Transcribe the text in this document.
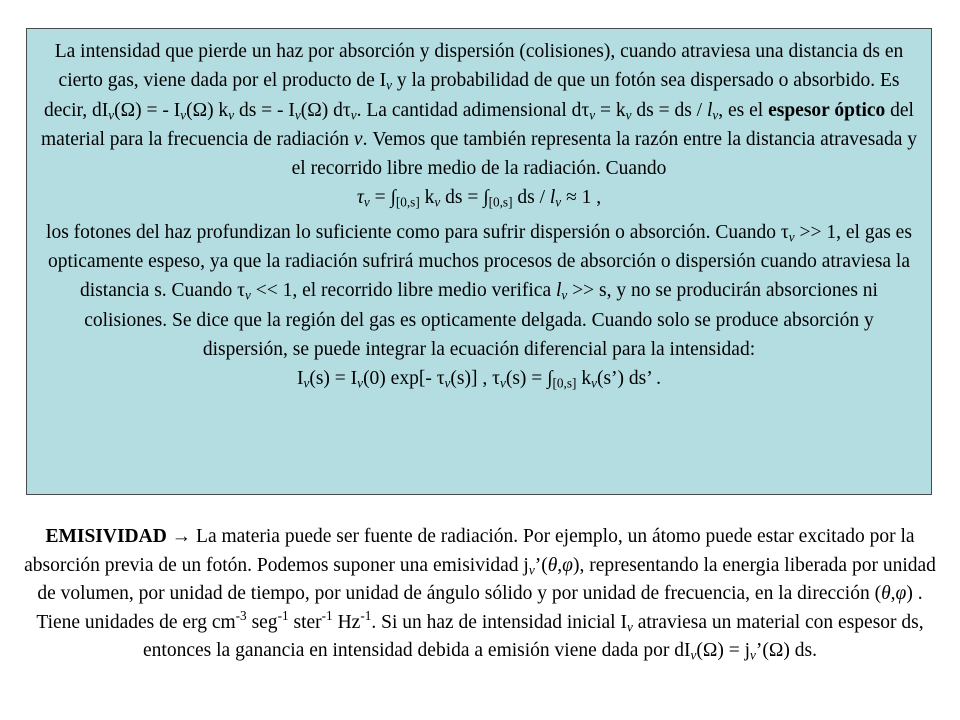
La intensidad que pierde un haz por absorción y dispersión (colisiones), cuando atraviesa una distancia ds en cierto gas, viene dada por el producto de $I_\nu$ y la probabilidad de que un fotón sea dispersado o absorbido. Es decir, $dI_\nu(\Omega)$ = - $I_\nu(\Omega)$ $k_\nu$ ds = - $I_\nu(\Omega)$ $d\tau_\nu$. La cantidad adimensional $d\tau_\nu = k_\nu$ ds = ds / $l_\nu$, es el espesor óptico del material para la frecuencia de radiación ν. Vemos que también representa la razón entre la distancia atravesada y el recorrido libre medio de la radiación. Cuando

$\tau_\nu = \int_{[0,s]}$ $k_\nu$ ds = $\int_{[0,s]}$ ds / $l_\nu \approx 1$ ,

los fotones del haz profundizan lo suficiente como para sufrir dispersión o absorción. Cuando $\tau_\nu >> 1$, el gas es opticamente espeso, ya que la radiación sufrirá muchos procesos de absorción o dispersión cuando atraviesa la distancia s. Cuando $\tau_\nu << 1$, el recorrido libre medio verifica $l_\nu >> s$, y no se producirán absorciones ni colisiones. Se dice que la región del gas es opticamente delgada. Cuando solo se produce absorción y dispersión, se puede integrar la ecuación diferencial para la intensidad:

$I_\nu(s) = I_\nu(0)$ exp[- $\tau_\nu(s)$] , $\tau_\nu(s) = \int_{[0,s]}$ $k_\nu(s’)$ ds’ .

EMISIVIDAD → La materia puede ser fuente de radiación. Por ejemplo, un átomo puede estar excitado por la absorción previa de un fotón. Podemos suponer una emisividad $j_\nu’(\theta,\varphi)$, representando la energia liberada por unidad de volumen, por unidad de tiempo, por unidad de ángulo sólido y por unidad de frecuencia, en la dirección (θ,φ) . Tiene unidades de erg $cm^{-3}$ seg$^{-1}$ ster$^{-1}$ $Hz^{-1}$. Si un haz de intensidad inicial $I_\nu$ atraviesa un material con espesor ds, entonces la ganancia en intensidad debida a emisión viene dada por $dI_\nu(\Omega)$ = $j_\nu’(\Omega)$ ds.
